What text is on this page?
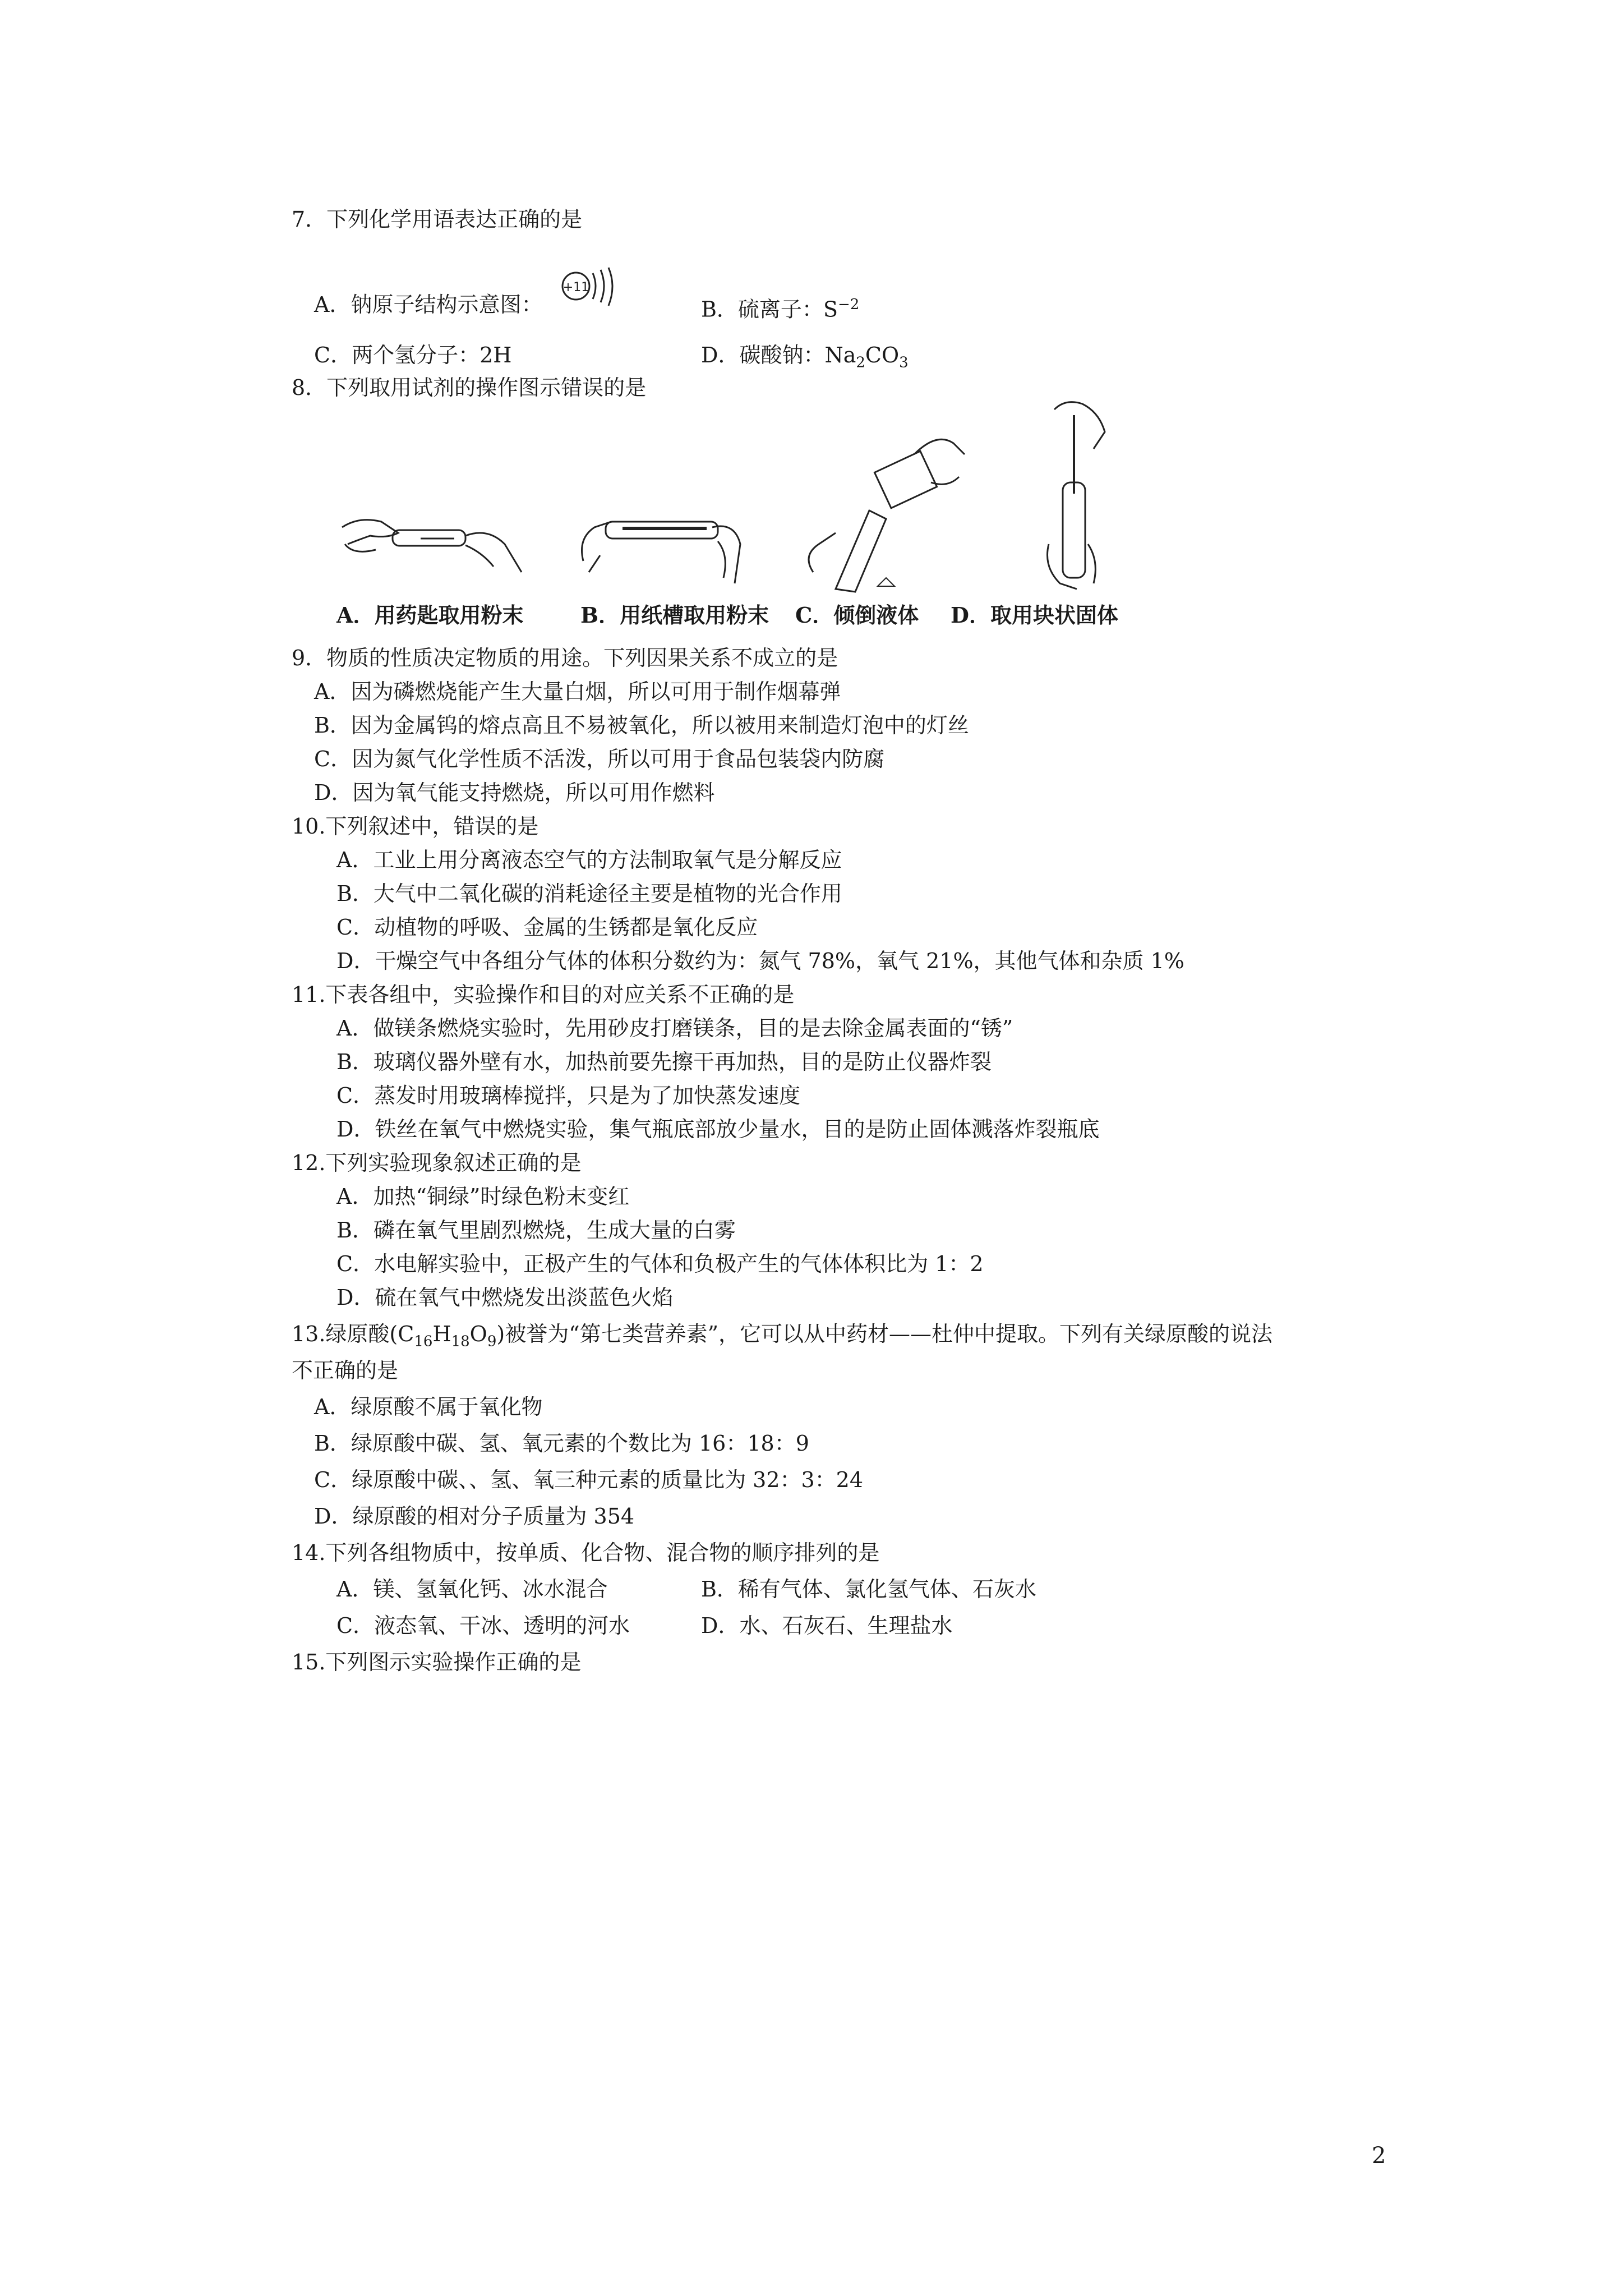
7．下列化学用语表达正确的是
A．钠原子结构示意图：
+11
B．硫离子：$S^{-2}$
C．两个氢分子：2H	D．碳酸钠：$Na_2CO_3$
8．下列取用试剂的操作图示错误的是
A．用药匙取用粉末	B．用纸槽取用粉末 C．倾倒液体 D．取用块状固体
9．物质的性质决定物质的用途。下列因果关系不成立的是
A．因为磷燃烧能产生大量白烟，所以可用于制作烟幕弹
B．因为金属钨的熔点高且不易被氧化，所以被用来制造灯泡中的灯丝
C．因为氮气化学性质不活泼，所以可用于食品包装袋内防腐
D．因为氧气能支持燃烧，所以可用作燃料
10.下列叙述中，错误的是
A．工业上用分离液态空气的方法制取氧气是分解反应
B．大气中二氧化碳的消耗途径主要是植物的光合作用
C．动植物的呼吸、金属的生锈都是氧化反应
D．干燥空气中各组分气体的体积分数约为：氮气 78%，氧气 21%，其他气体和杂质 1%
11.下表各组中，实验操作和目的对应关系不正确的是
A．做镁条燃烧实验时，先用砂皮打磨镁条，目的是去除金属表面的“锈”
B．玻璃仪器外壁有水，加热前要先擦干再加热，目的是防止仪器炸裂
C．蒸发时用玻璃棒搅拌，只是为了加快蒸发速度
D．铁丝在氧气中燃烧实验，集气瓶底部放少量水，目的是防止固体溅落炸裂瓶底
12.下列实验现象叙述正确的是
A．加热“铜绿”时绿色粉末变红
B．磷在氧气里剧烈燃烧，生成大量的白雾
C．水电解实验中，正极产生的气体和负极产生的气体体积比为 1：2
D．硫在氧气中燃烧发出淡蓝色火焰
13.绿原酸$(C_{16}H_{18}O_9)$被誉为“第七类营养素”，它可以从中药材——杜仲中提取。下列有关绿原酸的说法
不正确的是
A．绿原酸不属于氧化物
B．绿原酸中碳、氢、氧元素的个数比为 16：18：9
C．绿原酸中碳、、氢、氧三种元素的质量比为 32：3：24
D．绿原酸的相对分子质量为 354
14.下列各组物质中，按单质、化合物、混合物的顺序排列的是
A．镁、氢氧化钙、冰水混合	B．稀有气体、氯化氢气体、石灰水
C．液态氧、干冰、透明的河水	D．水、石灰石、生理盐水
15.下列图示实验操作正确的是
2
